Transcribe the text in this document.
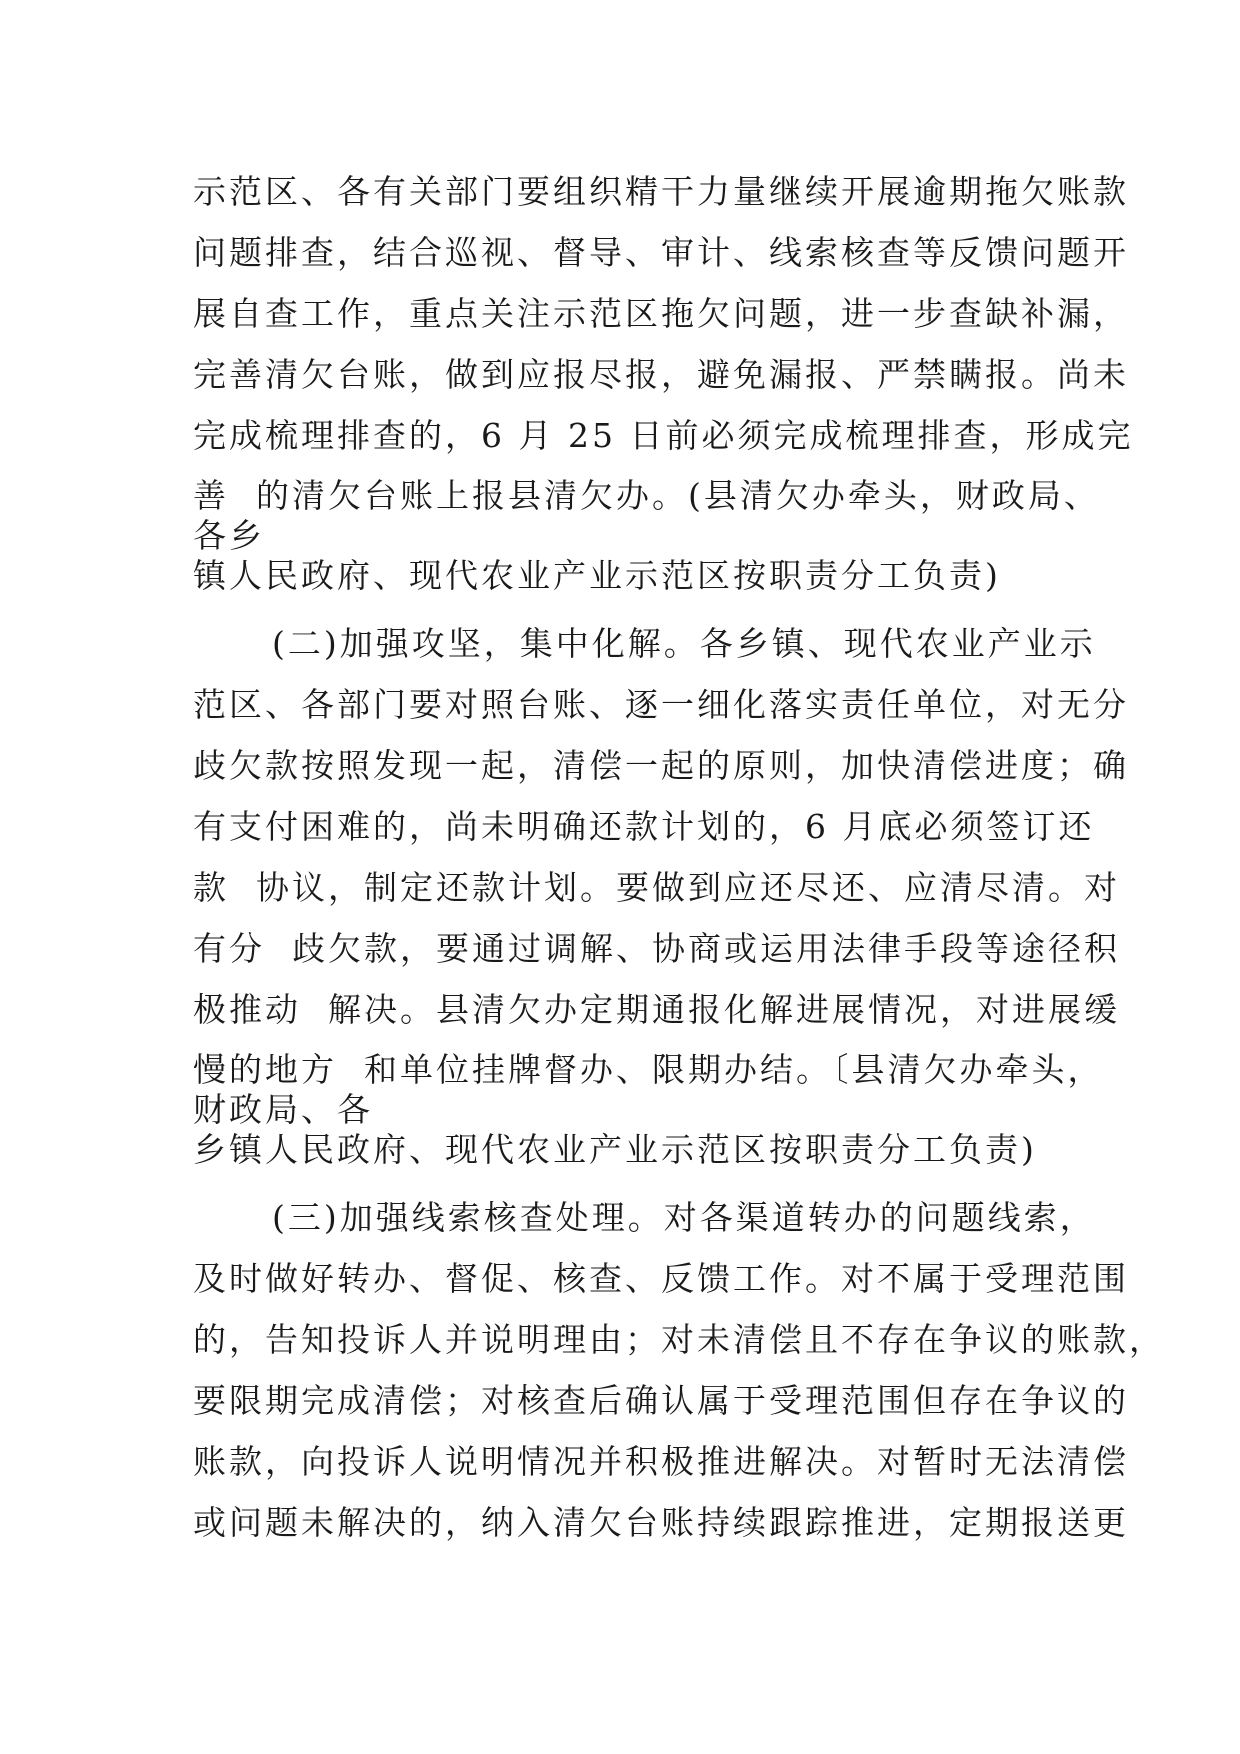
示范区、各有关部门要组织精干力量继续开展逾期拖欠账款
问题排查，结合巡视、督导、审计、线索核查等反馈问题开
展自查工作，重点关注示范区拖欠问题，进一步查缺补漏，
完善清欠台账，做到应报尽报，避免漏报、严禁瞒报。尚未
完成梳理排查的，6 月 25 日前必须完成梳理排查，形成完
善  的清欠台账上报县清欠办。(县清欠办牵头，财政局、
各乡
镇人民政府、现代农业产业示范区按职责分工负责)
(二)加强攻坚，集中化解。各乡镇、现代农业产业示
范区、各部门要对照台账、逐一细化落实责任单位，对无分
歧欠款按照发现一起，清偿一起的原则，加快清偿进度；确
有支付困难的，尚未明确还款计划的，6 月底必须签订还
款  协议，制定还款计划。要做到应还尽还、应清尽清。对
有分  歧欠款，要通过调解、协商或运用法律手段等途径积
极推动  解决。县清欠办定期通报化解进展情况，对进展缓
慢的地方  和单位挂牌督办、限期办结。〔县清欠办牵头，
财政局、各
乡镇人民政府、现代农业产业示范区按职责分工负责)
(三)加强线索核查处理。对各渠道转办的问题线索，
及时做好转办、督促、核查、反馈工作。对不属于受理范围
的，告知投诉人并说明理由；对未清偿且不存在争议的账款，
要限期完成清偿；对核查后确认属于受理范围但存在争议的
账款，向投诉人说明情况并积极推进解决。对暂时无法清偿
或问题未解决的，纳入清欠台账持续跟踪推进，定期报送更
